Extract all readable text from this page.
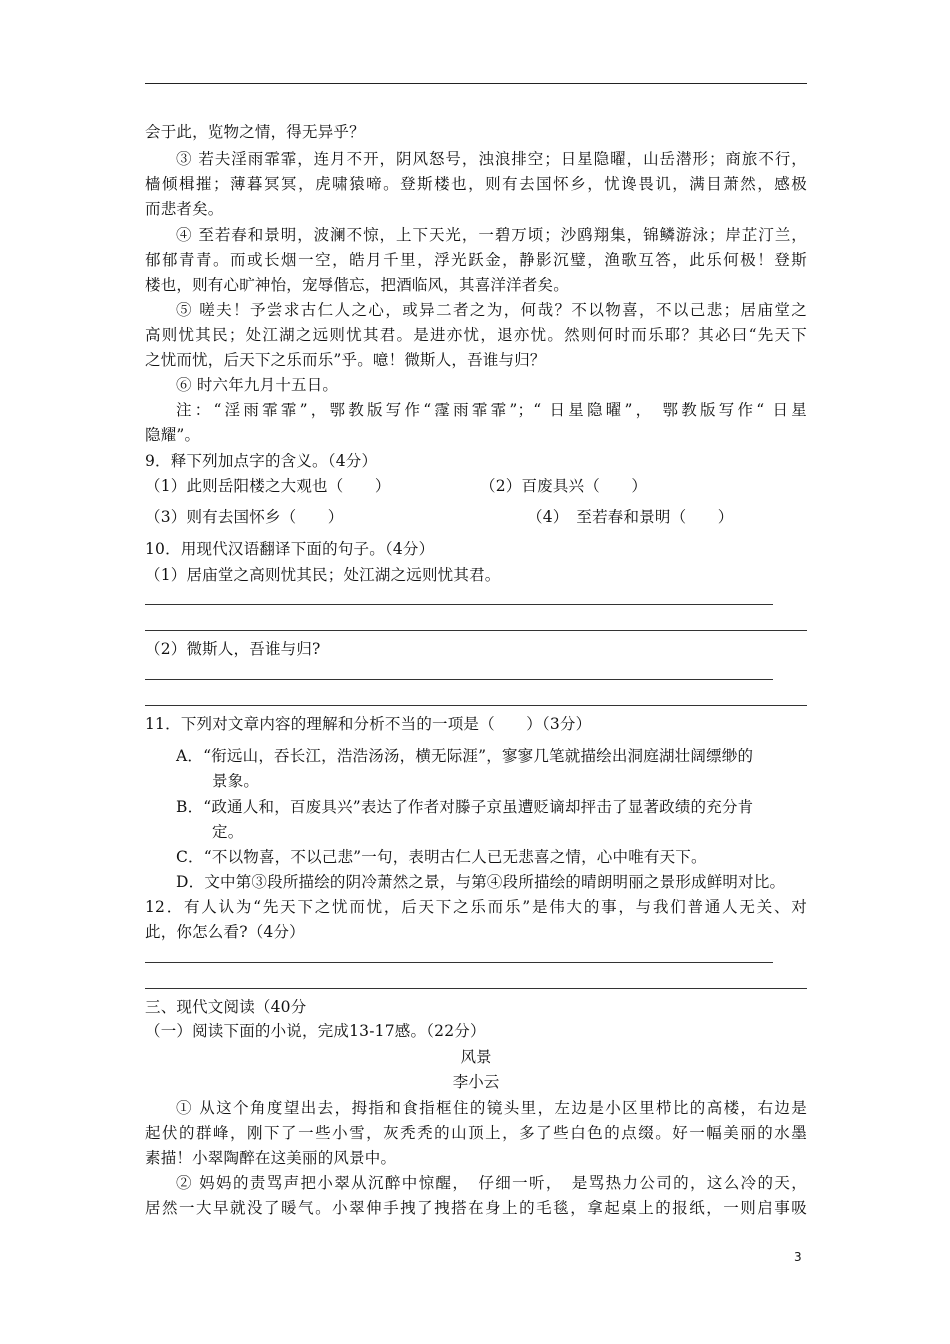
会于此，览物之情，得无异乎？
③ 若夫淫雨霏霏，连月不开，阴风怒号，浊浪排空；日星隐曜，山岳潜形；商旅不行，
樯倾楫摧；薄暮冥冥，虎啸猿啼。登斯楼也，则有去国怀乡，忧谗畏讥，满目萧然，感极
而悲者矣。
④ 至若春和景明，波澜不惊，上下天光，一碧万顷；沙鸥翔集，锦鳞游泳；岸芷汀兰，
郁郁青青。而或长烟一空，皓月千里，浮光跃金，静影沉璧，渔歌互答，此乐何极！登斯
楼也，则有心旷神怡，宠辱偕忘，把酒临风，其喜洋洋者矣。
⑤ 嗟夫！予尝求古仁人之心，或异二者之为，何哉？不以物喜，不以己悲；居庙堂之
高则忧其民；处江湖之远则忧其君。是进亦忧，退亦忧。然则何时而乐耶？其必曰“先天下
之忧而忧，后天下之乐而乐”乎。噫！微斯人，吾谁与归？
⑥ 时六年九月十五日。
注：“淫雨霏霏”，鄂教版写作“霪雨霏霏”；“ 日星隐曜”， 鄂教版写作“ 日星
隐耀”。
9．释下列加点字的含义。（4分）
（1）此则岳阳楼之大观也（　　）	（2）百废具兴（　　）
（3）则有去国怀乡（　　）	（4）　至若春和景明（　　）
10．用现代汉语翻译下面的句子。（4分）
（1）居庙堂之高则忧其民；处江湖之远则忧其君。
（2）微斯人，吾谁与归?
11．下列对文章内容的理解和分析不当的一项是（　　）（3分）
A．“衔远山，吞长江，浩浩汤汤，横无际涯”，寥寥几笔就描绘出洞庭湖壮阔缥缈的
景象。
B．“政通人和，百废具兴”表达了作者对滕子京虽遭贬谪却抨击了显著政绩的充分肯
定。
C．“不以物喜，不以己悲”一句，表明古仁人已无悲喜之情，心中唯有天下。
D．文中第③段所描绘的阴冷萧然之景，与第④段所描绘的晴朗明丽之景形成鲜明对比。
12．有人认为“先天下之忧而忧，后天下之乐而乐”是伟大的事，与我们普通人无关、对
此，你怎么看?（4分）
三、现代文阅读（40分
（一）阅读下面的小说，完成13-17感。（22分）
风景
李小云
① 从这个角度望出去，拇指和食指框住的镜头里，左边是小区里栉比的高楼，右边是
起伏的群峰，刚下了一些小雪，灰秃秃的山顶上，多了些白色的点缀。好一幅美丽的水墨
素描！小翠陶醉在这美丽的风景中。
② 妈妈的责骂声把小翠从沉醉中惊醒，　仔细一听，　是骂热力公司的，这么冷的天，
居然一大早就没了暖气。小翠伸手拽了拽搭在身上的毛毯，拿起桌上的报纸，一则启事吸
3
